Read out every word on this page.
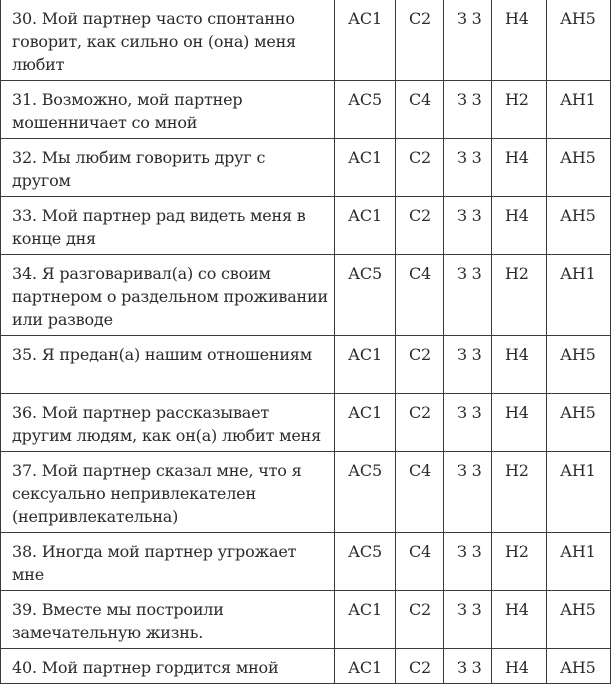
30. Мой партнер часто спонтанно говорит, как сильно он (она) меня любит	АС1	С2	З 3	Н4	АН5
31. Возможно, мой партнер мошенничает со мной	АС5	С4	З 3	Н2	АН1
32. Мы любим говорить друг с другом	АС1	С2	З 3	Н4	АН5
33. Мой партнер рад видеть меня в конце дня	АС1	С2	З 3	Н4	АН5
34. Я разговаривал(а) со своим партнером о раздельном проживании или разводе	АС5	С4	З 3	Н2	АН1
35. Я предан(а) нашим отношениям	АС1	С2	З 3	Н4	АН5
36. Мой партнер рассказывает другим людям, как он(а) любит меня	АС1	С2	З 3	Н4	АН5
37. Мой партнер сказал мне, что я сексуально непривлекателен (непривлекательна)	АС5	С4	З 3	Н2	АН1
38. Иногда мой партнер угрожает мне	АС5	С4	З 3	Н2	АН1
39. Вместе мы построили замечательную жизнь.	АС1	С2	З 3	Н4	АН5
40. Мой партнер гордится мной	АС1	С2	З 3	Н4	АН5
